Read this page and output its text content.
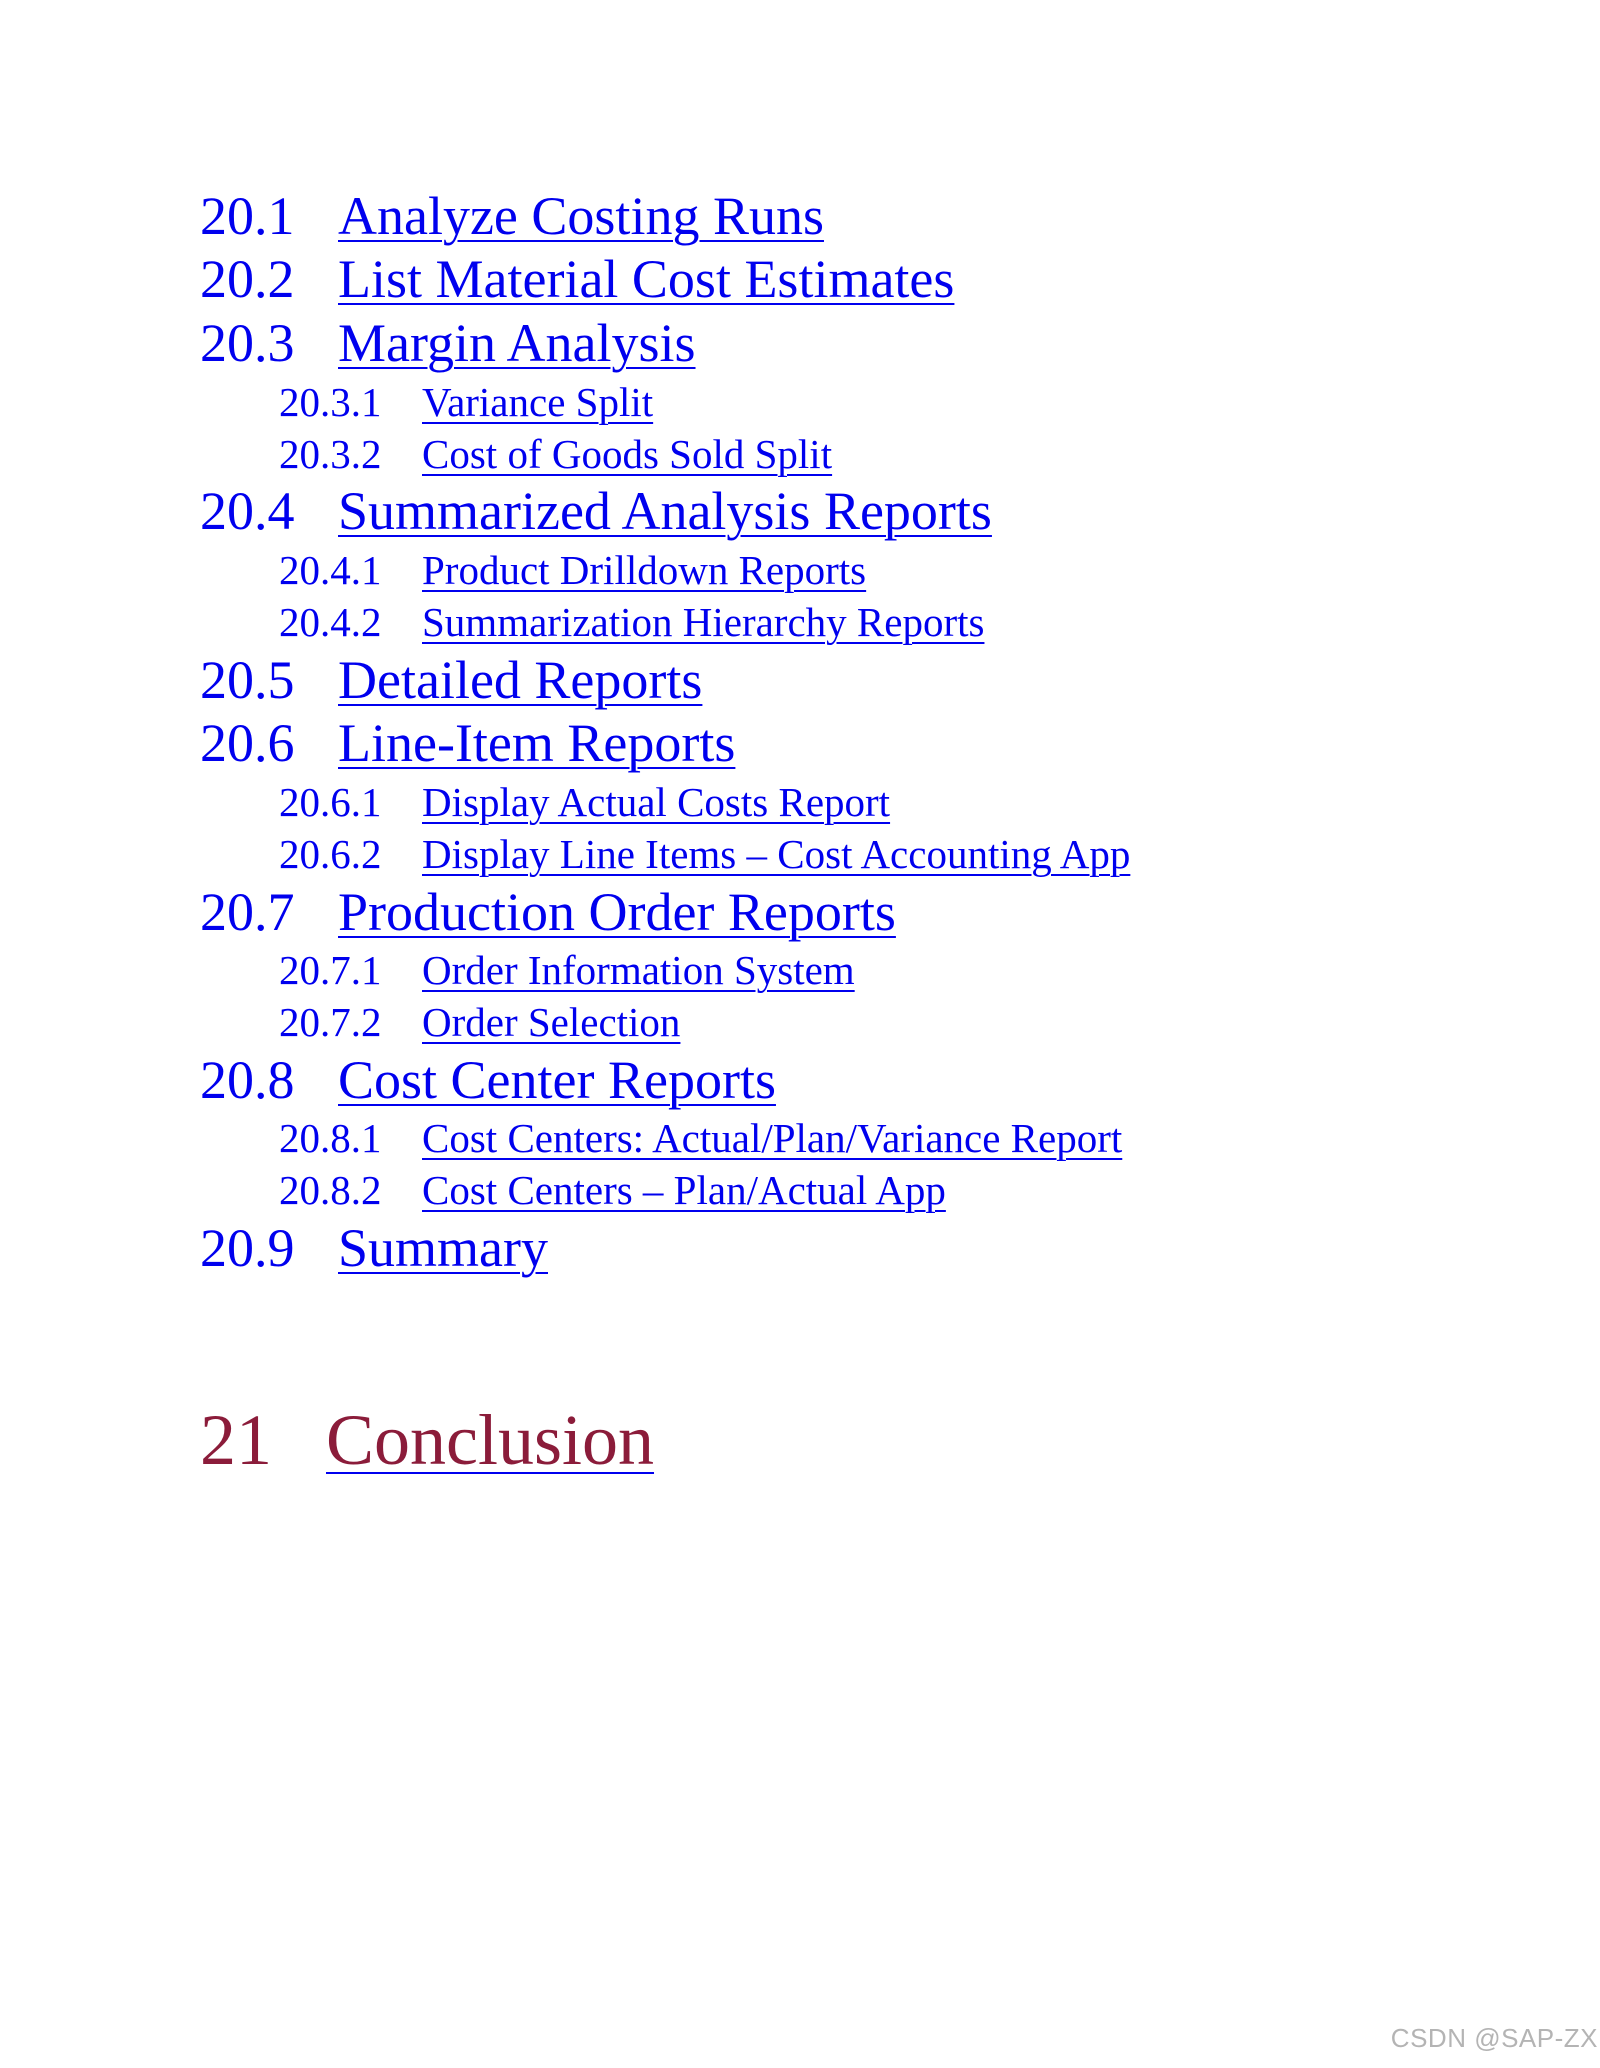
20.1 Analyze Costing Runs
20.2 List Material Cost Estimates
20.3 Margin Analysis
20.3.1 Variance Split
20.3.2 Cost of Goods Sold Split
20.4 Summarized Analysis Reports
20.4.1 Product Drilldown Reports
20.4.2 Summarization Hierarchy Reports
20.5 Detailed Reports
20.6 Line-Item Reports
20.6.1 Display Actual Costs Report
20.6.2 Display Line Items – Cost Accounting App
20.7 Production Order Reports
20.7.1 Order Information System
20.7.2 Order Selection
20.8 Cost Center Reports
20.8.1 Cost Centers: Actual/Plan/Variance Report
20.8.2 Cost Centers – Plan/Actual App
20.9 Summary
21 Conclusion
CSDN @SAP-ZX
